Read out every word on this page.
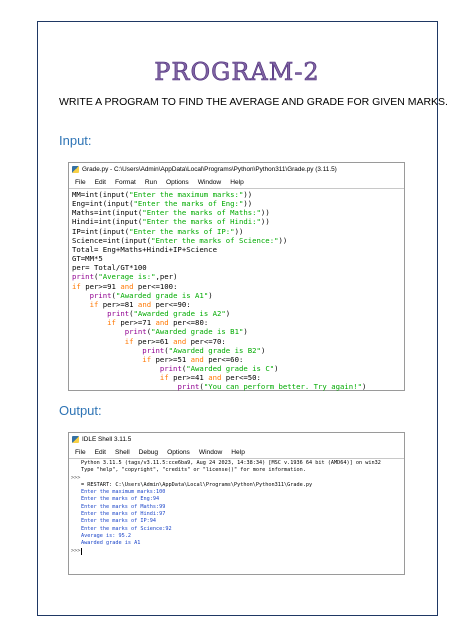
PROGRAM-2
WRITE A PROGRAM TO FIND THE AVERAGE AND GRADE FOR GIVEN MARKS.
Input:
Grade.py - C:\Users\Admin\AppData\Local\Programs\Python\Python311\Grade.py (3.11.5)
File Edit Format Run Options Window Help
MM=int(input("Enter the maximum marks:"))
Eng=int(input("Enter the marks of Eng:"))
Maths=int(input("Enter the marks of Maths:"))
Hindi=int(input("Enter the marks of Hindi:"))
IP=int(input("Enter the marks of IP:"))
Science=int(input("Enter the marks of Science:"))
Total= Eng+Maths+Hindi+IP+Science
GT=MM*5
per= Total/GT*100
print("Average is:",per)
if per>=91 and per<=100:
print("Awarded grade is A1")
if per>=81 and per<=90:
print("Awarded grade is A2")
if per>=71 and per<=80:
print("Awarded grade is B1")
if per>=61 and per<=70:
print("Awarded grade is B2")
if per>=51 and per<=60:
print("Awarded grade is C")
if per>=41 and per<=50:
print("You can perform better. Try again!")
Output:
IDLE Shell 3.11.5
File Edit Shell Debug Options Window Help

>>>

>>>
Python 3.11.5 (tags/v3.11.5:cce6ba9, Aug 24 2023, 14:38:34) [MSC v.1936 64 bit (AMD64)] on win32
Type "help", "copyright", "credits" or "license()" for more information.

= RESTART: C:\Users\Admin\AppData\Local\Programs\Python\Python311\Grade.py
Enter the maximum marks:100
Enter the marks of Eng:94
Enter the marks of Maths:99
Enter the marks of Hindi:97
Enter the marks of IP:94
Enter the marks of Science:92
Average is: 95.2
Awarded grade is A1
